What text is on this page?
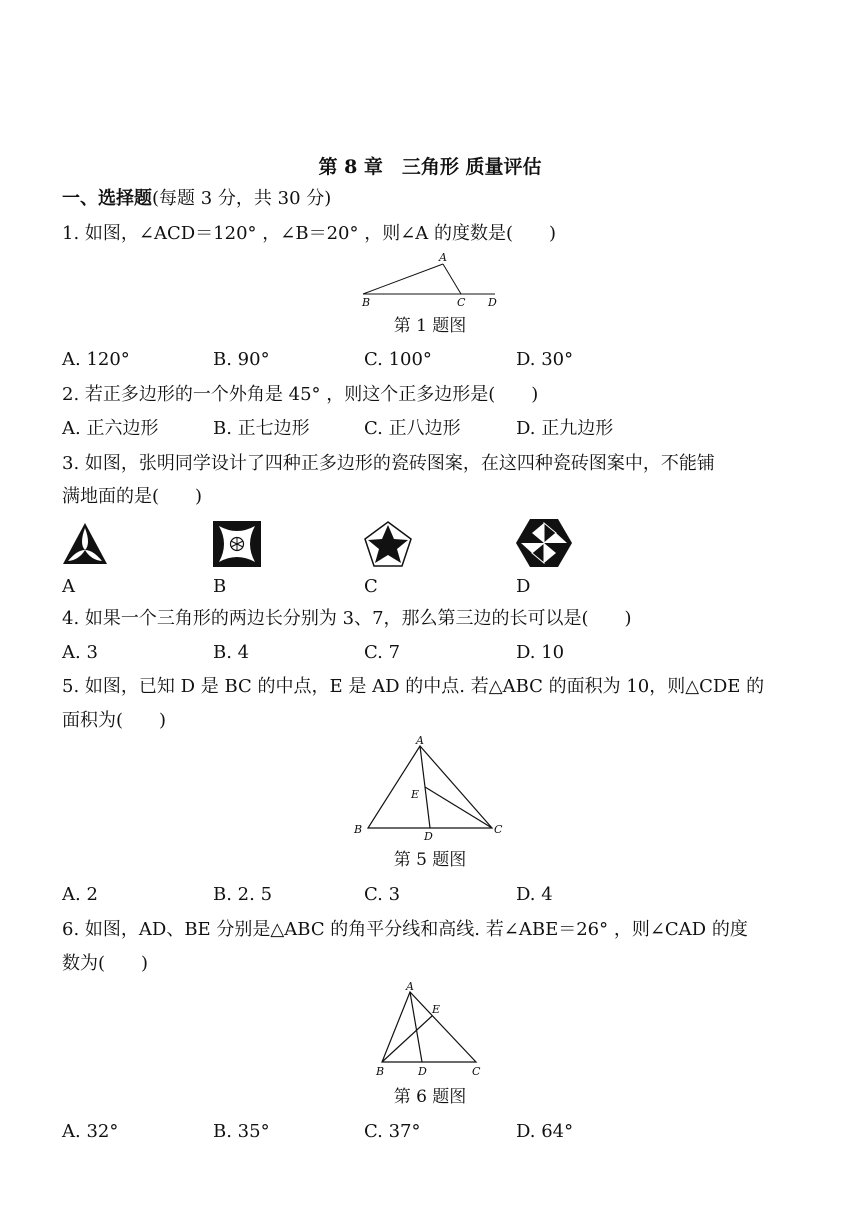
第 8 章　三角形 质量评估
一、选择题(每题 3 分，共 30 分)
1. 如图，∠ACD＝120° ，∠B＝20° ，则∠A 的度数是(　　)
A
B	C D
第 1 题图
A. 120°	B. 90°	C. 100°	D. 30°
2. 若正多边形的一个外角是 45° ，则这个正多边形是(　　)
A. 正六边形	B. 正七边形	C. 正八边形	D. 正九边形
3. 如图，张明同学设计了四种正多边形的瓷砖图案，在这四种瓷砖图案中，不能铺
满地面的是(　　)
A	B	C	D
4. 如果一个三角形的两边长分别为 3、7，那么第三边的长可以是(　　)
A. 3	B. 4	C. 7	D. 10
5. 如图，已知 D 是 BC 的中点，E 是 AD 的中点. 若△ABC 的面积为 10，则△CDE 的
面积为(　　)
A
B	C
D
E
第 5 题图
A. 2	B. 2. 5	C. 3	D. 4
6. 如图，AD、BE 分别是△ABC 的角平分线和高线. 若∠ABE＝26° ，则∠CAD 的度
数为(　　)
A
B	C
D
E
第 6 题图
A. 32°	B. 35°	C. 37°	D. 64°
